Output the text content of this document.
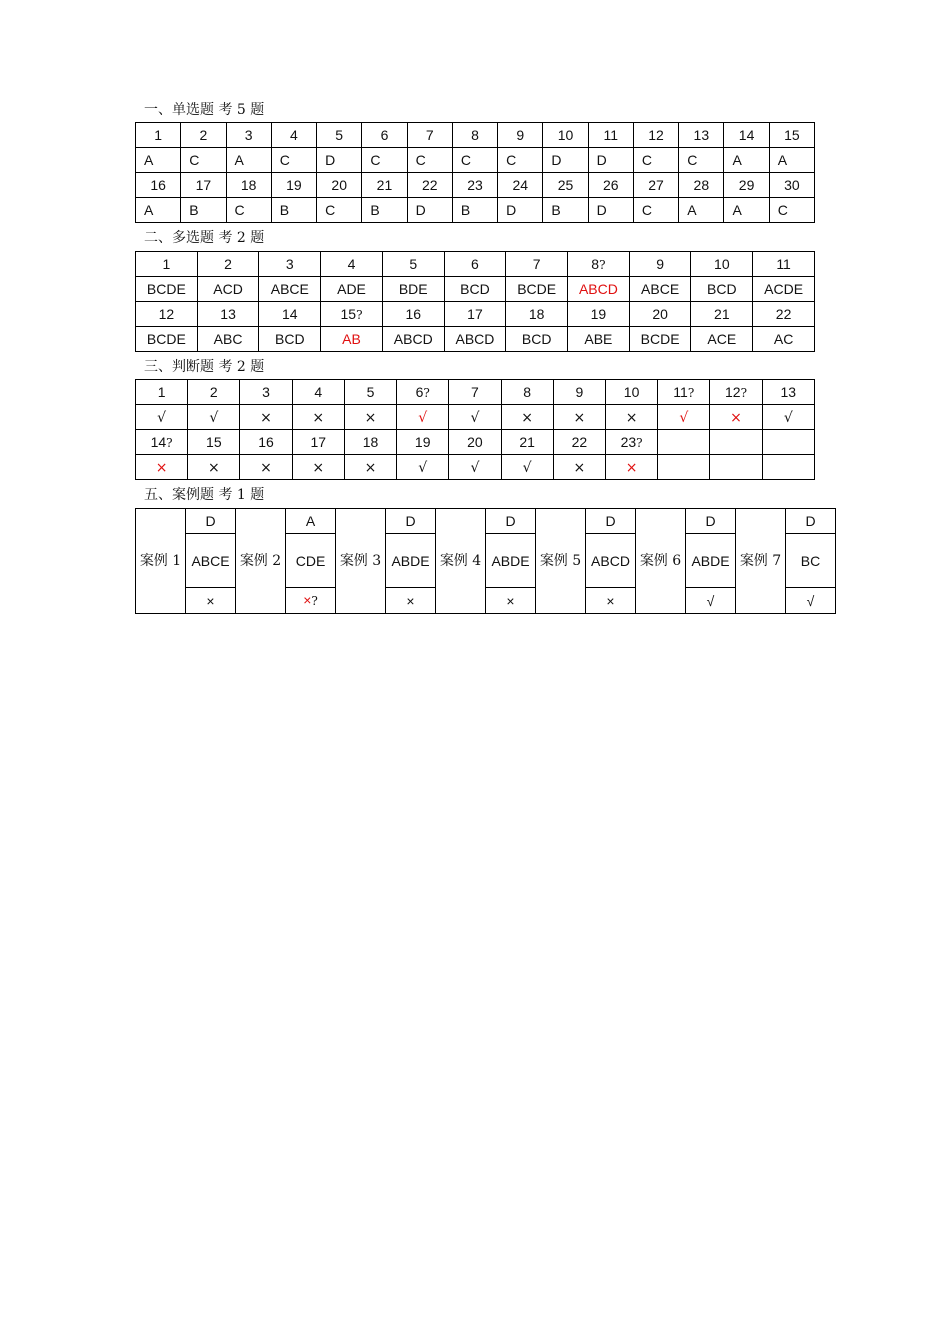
一、单选题 考 5 题
1	2	3	4	5	6	7	8	9	10	11	12	13	14	15
A	C	A	C	D	C	C	C	C	D	D	C	C	A	A
16	17	18	19	20	21	22	23	24	25	26	27	28	29	30
A	B	C	B	C	B	D	B	D	B	D	C	A	A	C
二、多选题 考 2 题
1	2	3	4	5	6	7	8?	9	10	11
BCDE	ACD	ABCE	ADE	BDE	BCD	BCDE	ABCD	ABCE	BCD	ACDE
12	13	14	15?	16	17	18	19	20	21	22
BCDE	ABC	BCD	AB	ABCD	ABCD	BCD	ABE	BCDE	ACE	AC
三、判断题 考 2 题
1	2	3	4	5	6?	7	8	9	10	11?	12?	13
√	√	×	×	×	√	√	×	×	×	√	×	√
14?	15	16	17	18	19	20	21	22	23?			
×	×	×	×	×	√	√	√	×	×			
五、案例题 考 1 题
案例 1	D	案例 2	A	案例 3	D	案例 4	D	案例 5	D	案例 6	D	案例 7	D
	ABCE		CDE		ABDE		ABDE		ABCD		ABDE		BC
	×		×?		×		×		×		√		√
